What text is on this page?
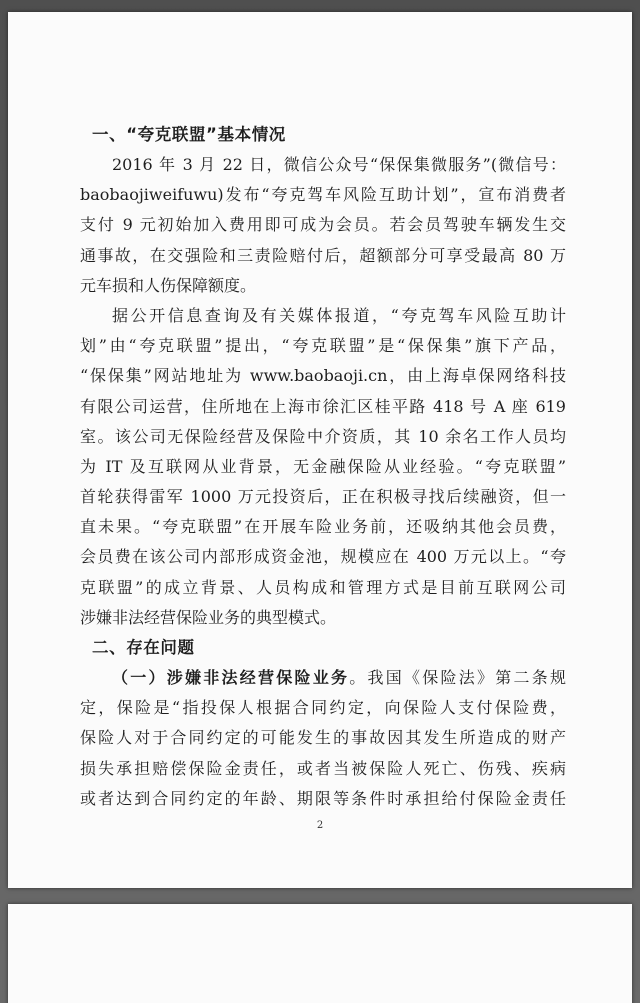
一、“夸克联盟”基本情况
2016 年 3 月 22 日，微信公众号“保保集微服务”(微信号：
baobaojiweifuwu)发布“夸克驾车风险互助计划”，宣布消费者
支付 9 元初始加入费用即可成为会员。若会员驾驶车辆发生交
通事故，在交强险和三责险赔付后，超额部分可享受最高 80 万
元车损和人伤保障额度。
据公开信息查询及有关媒体报道，“夸克驾车风险互助计
划”由“夸克联盟”提出，“夸克联盟”是“保保集”旗下产品，
“保保集”网站地址为 www.baobaoji.cn，由上海卓保网络科技
有限公司运营，住所地在上海市徐汇区桂平路 418 号 A 座 619
室。该公司无保险经营及保险中介资质，其 10 余名工作人员均
为 IT 及互联网从业背景，无金融保险从业经验。“夸克联盟”
首轮获得雷军 1000 万元投资后，正在积极寻找后续融资，但一
直未果。“夸克联盟”在开展车险业务前，还吸纳其他会员费，
会员费在该公司内部形成资金池，规模应在 400 万元以上。“夸
克联盟”的成立背景、人员构成和管理方式是目前互联网公司
涉嫌非法经营保险业务的典型模式。
二、存在问题
（一）涉嫌非法经营保险业务。我国《保险法》第二条规
定，保险是“指投保人根据合同约定，向保险人支付保险费，
保险人对于合同约定的可能发生的事故因其发生所造成的财产
损失承担赔偿保险金责任，或者当被保险人死亡、伤残、疾病
或者达到合同约定的年龄、期限等条件时承担给付保险金责任
2
